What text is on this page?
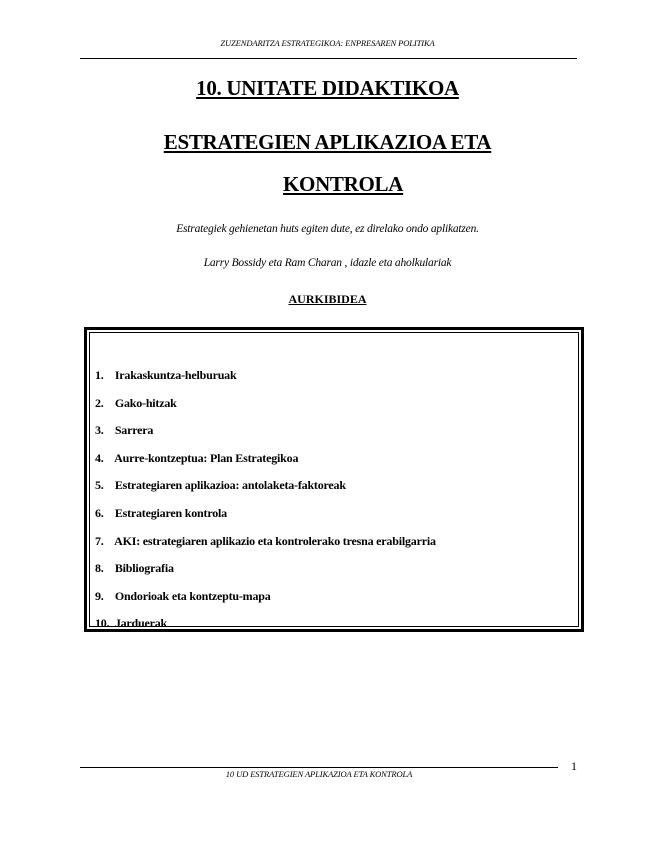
ZUZENDARITZA ESTRATEGIKOA: ENPRESAREN POLITIKA
10. UNITATE DIDAKTIKOA
ESTRATEGIEN APLIKAZIOA ETA
KONTROLA
Estrategiek gehienetan huts egiten dute, ez direlako ondo aplikatzen.
Larry Bossidy eta Ram Charan , idazle eta aholkulariak
AURKIBIDEA
1. Irakaskuntza-helburuak
2. Gako-hitzak
3. Sarrera
4. Aurre-kontzeptua: Plan Estrategikoa
5. Estrategiaren aplikazioa: antolaketa-faktoreak
6. Estrategiaren kontrola
7. AKI: estrategiaren aplikazio eta kontrolerako tresna erabilgarria
8. Bibliografia
9. Ondorioak eta kontzeptu-mapa
10. Jarduerak
10 UD ESTRATEGIEN APLIKAZIOA ETA KONTROLA
1
